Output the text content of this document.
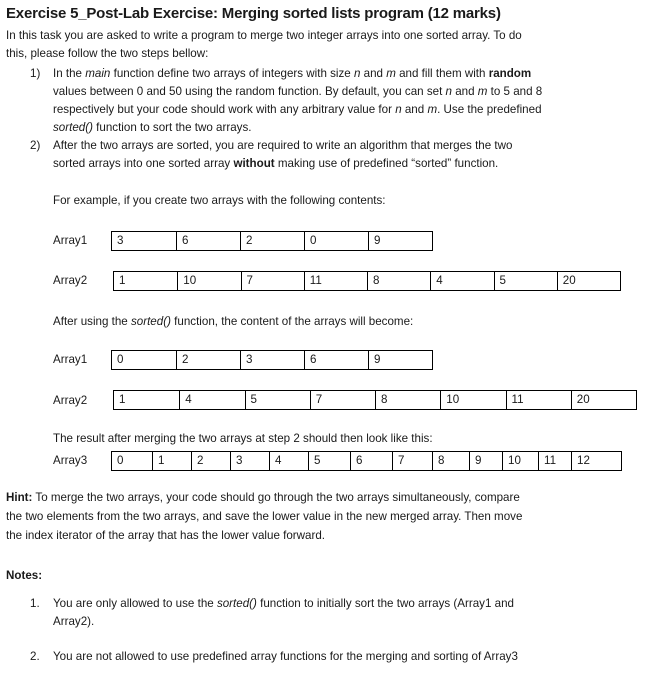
Exercise 5_Post-Lab Exercise: Merging sorted lists program (12 marks)
In this task you are asked to write a program to merge two integer arrays into one sorted array. To do
this, please follow the two steps bellow:
1) In the main function define two arrays of integers with size n and m and fill them with random
values between 0 and 50 using the random function. By default, you can set n and m to 5 and 8
respectively but your code should work with any arbitrary value for n and m. Use the predefined
sorted() function to sort the two arrays.
2) After the two arrays are sorted, you are required to write an algorithm that merges the two
sorted arrays into one sorted array without making use of predefined “sorted” function.
For example, if you create two arrays with the following contents:
Array1	3	6	2	0	9
Array2	1	10	7	11	8	4	5	20
After using the sorted() function, the content of the arrays will become:
Array1	0	2	3	6	9
Array2	1	4	5	7	8	10	11	20
The result after merging the two arrays at step 2 should then look like this:
Array3	0	1	2	3	4	5	6	7	8	9	10	11	12
Hint: To merge the two arrays, your code should go through the two arrays simultaneously, compare
the two elements from the two arrays, and save the lower value in the new merged array. Then move
the index iterator of the array that has the lower value forward.
Notes:
1. You are only allowed to use the sorted() function to initially sort the two arrays (Array1 and
Array2).
2. You are not allowed to use predefined array functions for the merging and sorting of Array3
